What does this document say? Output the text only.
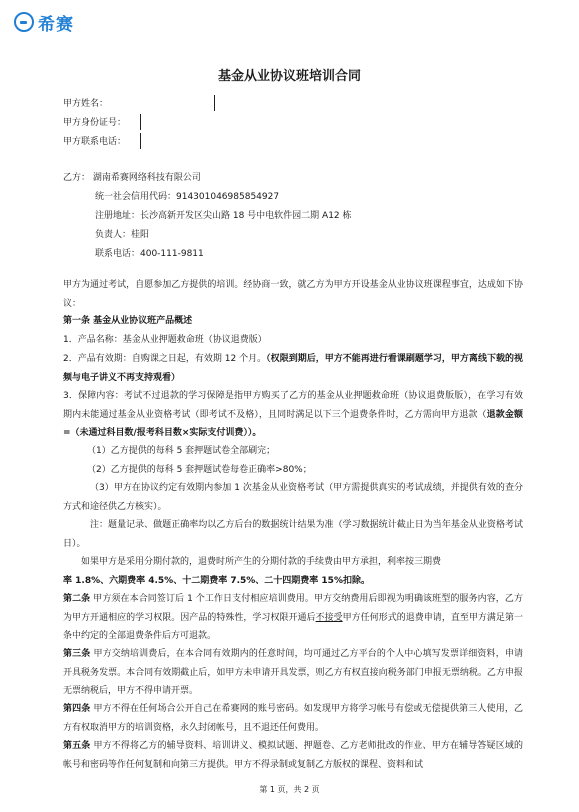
希赛
基金从业协议班培训合同
甲方姓名：
甲方身份证号：
甲方联系电话：
乙方： 湖南希赛网络科技有限公司
统一社会信用代码：914301046985854927
注册地址：长沙高新开发区尖山路 18 号中电软件园二期 A12 栋
负责人：桂阳
联系电话：400-111-9811
甲方为通过考试，自愿参加乙方提供的培训。经协商一致，就乙方为甲方开设基金从业协议班课程事宜，达成如下协议：
第一条 基金从业协议班产品概述
1．产品名称：基金从业押题救命班（协议退费版）
2．产品有效期：自购课之日起，有效期 12 个月。（权限到期后，甲方不能再进行看课刷题学习，甲方离线下载的视频与电子讲义不再支持观看）
3．保障内容：考试不过退款的学习保障是指甲方购买了乙方的基金从业押题救命班（协议退费版版），在学习有效期内未能通过基金从业资格考试（即考试不及格），且同时满足以下三个退费条件时，乙方需向甲方退款（退款金额=（未通过科目数/报考科目数×实际支付训费））。
（1）乙方提供的每科 5 套押题试卷全部刷完；
（2）乙方提供的每科 5 套押题试卷每卷正确率>80%；
（3）甲方在协议约定有效期内参加 1 次基金从业资格考试（甲方需提供真实的考试成绩，并提供有效的查分方式和途径供乙方核实）。
注：题量记录、做题正确率均以乙方后台的数据统计结果为准（学习数据统计截止日为当年基金从业资格考试日）。
如果甲方是采用分期付款的，退费时所产生的分期付款的手续费由甲方承担，利率按三期费
率 1.8%、六期费率 4.5%、十二期费率 7.5%、二十四期费率 15%扣除。
第二条 甲方须在本合同签订后 1 个工作日支付相应培训费用。甲方交纳费用后即视为明确该班型的服务内容，乙方为甲方开通相应的学习权限。因产品的特殊性，学习权限开通后不接受甲方任何形式的退费申请，直至甲方满足第一条中约定的全部退费条件后方可退款。
第三条 甲方交纳培训费后，在本合同有效期内的任意时间，均可通过乙方平台的个人中心填写发票详细资料，申请开具税务发票。本合同有效期截止后，如甲方未申请开具发票，则乙方有权直接向税务部门申报无票纳税。乙方申报无票纳税后，甲方不得申请开票。
第四条 甲方不得在任何场合公开自己在希赛网的账号密码。如发现甲方将学习帐号有偿或无偿提供第三人使用，乙方有权取消甲方的培训资格，永久封闭帐号，且不退还任何费用。
第五条 甲方不得将乙方的辅导资料、培训讲义、模拟试题、押题卷、乙方老师批改的作业、甲方在辅导答疑区域的帐号和密码等作任何复制和向第三方提供。甲方不得录制或复制乙方版权的课程、资料和试
第 1 页，共 2 页
